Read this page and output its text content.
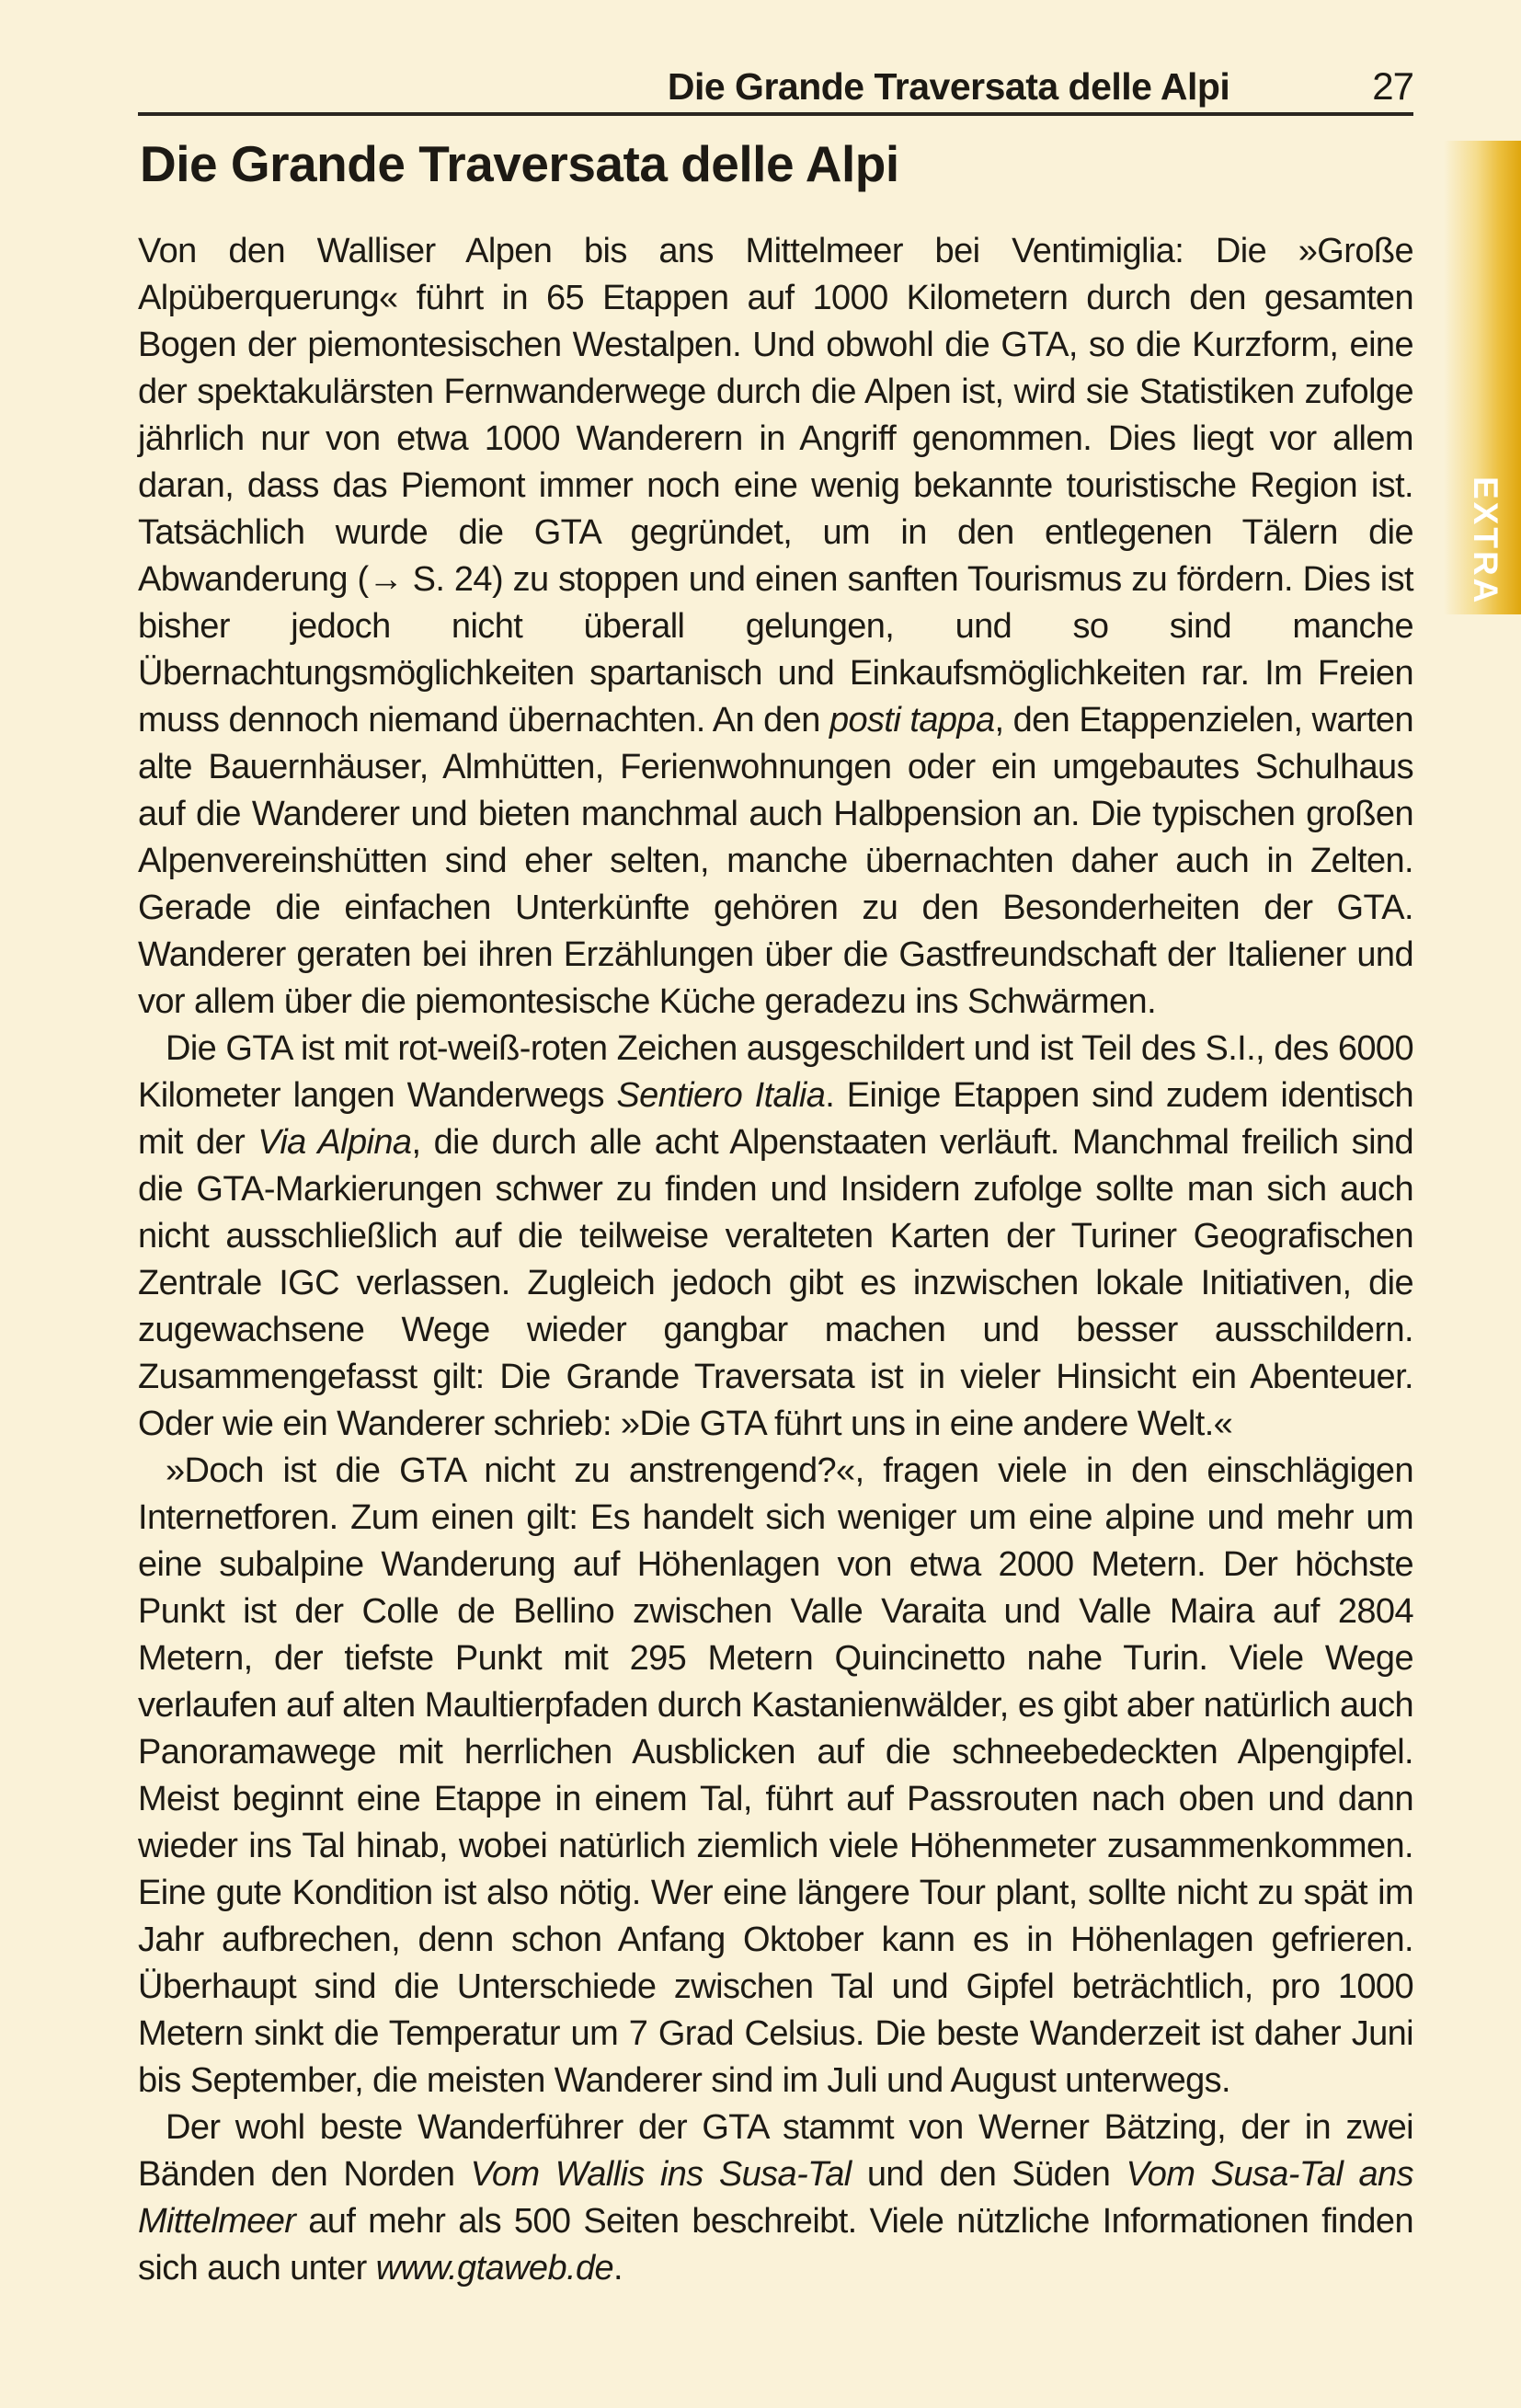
Die Grande Traversata delle Alpi	27
Die Grande Traversata delle Alpi

Von den Walliser Alpen bis ans Mittelmeer bei Ventimiglia: Die »Große Alpüberquerung« führt in 65 Etappen auf 1000 Kilometern durch den gesamten Bogen der piemontesischen Westalpen. Und obwohl die GTA, so die Kurzform, eine der spektakulärsten Fernwanderwege durch die Alpen ist, wird sie Statistiken zufolge jährlich nur von etwa 1000 Wanderern in Angriff genommen. Dies liegt vor allem daran, dass das Piemont immer noch eine wenig bekannte touristische Region ist. Tatsächlich wurde die GTA gegründet, um in den entlegenen Tälern die Abwanderung (→ S. 24) zu stoppen und einen sanften Tourismus zu fördern. Dies ist bisher jedoch nicht überall gelungen, und so sind manche Übernachtungsmöglichkeiten spartanisch und Einkaufsmöglichkeiten rar. Im Freien muss dennoch niemand übernachten. An den posti tappa, den Etappenzielen, warten alte Bauernhäuser, Almhütten, Ferienwohnungen oder ein umgebautes Schulhaus auf die Wanderer und bieten manchmal auch Halbpension an. Die typischen großen Alpenvereinshütten sind eher selten, manche übernachten daher auch in Zelten. Gerade die einfachen Unterkünfte gehören zu den Besonderheiten der GTA. Wanderer geraten bei ihren Erzählungen über die Gastfreundschaft der Italiener und vor allem über die piemontesische Küche geradezu ins Schwärmen.

Die GTA ist mit rot-weiß-roten Zeichen ausgeschildert und ist Teil des S.I., des 6000 Kilometer langen Wanderwegs Sentiero Italia. Einige Etappen sind zudem identisch mit der Via Alpina, die durch alle acht Alpenstaaten verläuft. Manchmal freilich sind die GTA-Markierungen schwer zu finden und Insidern zufolge sollte man sich auch nicht ausschließlich auf die teilweise veralteten Karten der Turiner Geografischen Zentrale IGC verlassen. Zugleich jedoch gibt es inzwischen lokale Initiativen, die zugewachsene Wege wieder gangbar machen und besser ausschildern. Zusammengefasst gilt: Die Grande Traversata ist in vieler Hinsicht ein Abenteuer. Oder wie ein Wanderer schrieb: »Die GTA führt uns in eine andere Welt.«

»Doch ist die GTA nicht zu anstrengend?«, fragen viele in den einschlägigen Internetforen. Zum einen gilt: Es handelt sich weniger um eine alpine und mehr um eine subalpine Wanderung auf Höhenlagen von etwa 2000 Metern. Der höchste Punkt ist der Colle de Bellino zwischen Valle Varaita und Valle Maira auf 2804 Metern, der tiefste Punkt mit 295 Metern Quincinetto nahe Turin. Viele Wege verlaufen auf alten Maultierpfaden durch Kastanienwälder, es gibt aber natürlich auch Panoramawege mit herrlichen Ausblicken auf die schneebedeckten Alpengipfel. Meist beginnt eine Etappe in einem Tal, führt auf Passrouten nach oben und dann wieder ins Tal hinab, wobei natürlich ziemlich viele Höhenmeter zusammenkommen. Eine gute Kondition ist also nötig. Wer eine längere Tour plant, sollte nicht zu spät im Jahr aufbrechen, denn schon Anfang Oktober kann es in Höhenlagen gefrieren. Überhaupt sind die Unterschiede zwischen Tal und Gipfel beträchtlich, pro 1000 Metern sinkt die Temperatur um 7 Grad Celsius. Die beste Wanderzeit ist daher Juni bis September, die meisten Wanderer sind im Juli und August unterwegs.

Der wohl beste Wanderführer der GTA stammt von Werner Bätzing, der in zwei Bänden den Norden Vom Wallis ins Susa-Tal und den Süden Vom Susa-Tal ans Mittelmeer auf mehr als 500 Seiten beschreibt. Viele nützliche Informationen finden sich auch unter www.gtaweb.de.

EXTRA
